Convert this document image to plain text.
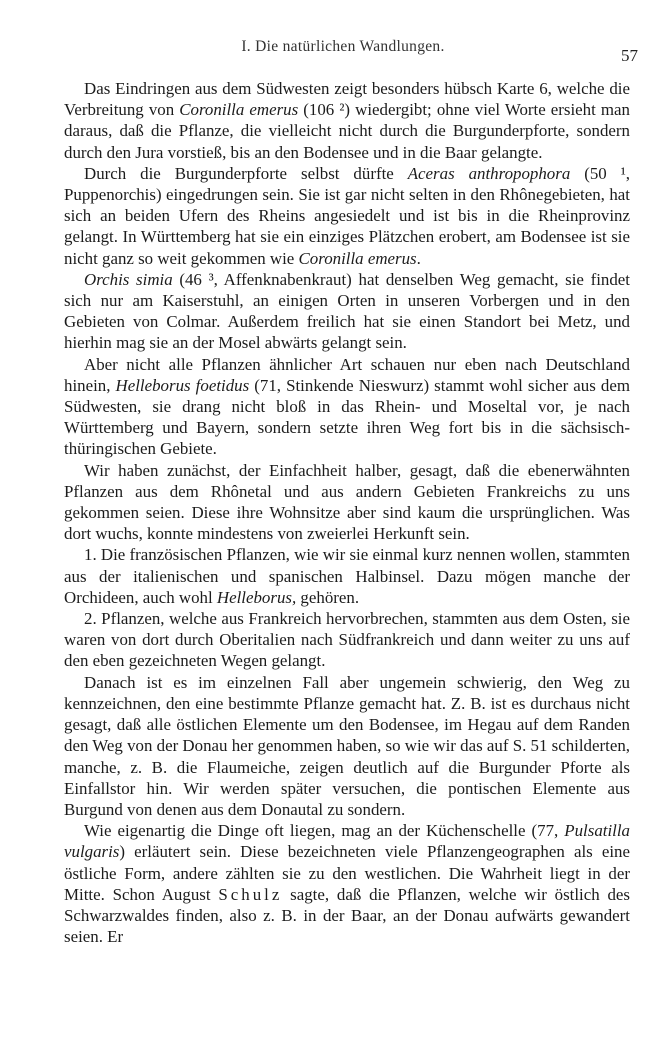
I. Die natürlichen Wandlungen.	57

Das Eindringen aus dem Südwesten zeigt besonders hübsch Karte 6, welche die Verbreitung von Coronilla emerus (106 ²) wiedergibt; ohne viel Worte ersieht man daraus, daß die Pflanze, die vielleicht nicht durch die Burgunderpforte, sondern durch den Jura vorstieß, bis an den Bodensee und in die Baar gelangte.

Durch die Burgunderpforte selbst dürfte Aceras anthropophora (50 ¹, Puppenorchis) eingedrungen sein. Sie ist gar nicht selten in den Rhônegebieten, hat sich an beiden Ufern des Rheins angesiedelt und ist bis in die Rheinprovinz gelangt. In Württemberg hat sie ein einziges Plätzchen erobert, am Bodensee ist sie nicht ganz so weit gekommen wie Coronilla emerus.

Orchis simia (46 ³, Affenknabenkraut) hat denselben Weg gemacht, sie findet sich nur am Kaiserstuhl, an einigen Orten in unseren Vorbergen und in den Gebieten von Colmar. Außerdem freilich hat sie einen Standort bei Metz, und hierhin mag sie an der Mosel abwärts gelangt sein.

Aber nicht alle Pflanzen ähnlicher Art schauen nur eben nach Deutschland hinein, Helleborus foetidus (71, Stinkende Nieswurz) stammt wohl sicher aus dem Südwesten, sie drang nicht bloß in das Rhein- und Moseltal vor, je nach Württemberg und Bayern, sondern setzte ihren Weg fort bis in die sächsisch-thüringischen Gebiete.

Wir haben zunächst, der Einfachheit halber, gesagt, daß die ebenerwähnten Pflanzen aus dem Rhônetal und aus andern Gebieten Frankreichs zu uns gekommen seien. Diese ihre Wohnsitze aber sind kaum die ursprünglichen. Was dort wuchs, konnte mindestens von zweierlei Herkunft sein.

1. Die französischen Pflanzen, wie wir sie einmal kurz nennen wollen, stammten aus der italienischen und spanischen Halbinsel. Dazu mögen manche der Orchideen, auch wohl Helleborus, gehören.

2. Pflanzen, welche aus Frankreich hervorbrechen, stammten aus dem Osten, sie waren von dort durch Oberitalien nach Südfrankreich und dann weiter zu uns auf den eben gezeichneten Wegen gelangt.

Danach ist es im einzelnen Fall aber ungemein schwierig, den Weg zu kennzeichnen, den eine bestimmte Pflanze gemacht hat. Z. B. ist es durchaus nicht gesagt, daß alle östlichen Elemente um den Bodensee, im Hegau auf dem Randen den Weg von der Donau her genommen haben, so wie wir das auf S. 51 schilderten, manche, z. B. die Flaumeiche, zeigen deutlich auf die Burgunder Pforte als Einfallstor hin. Wir werden später versuchen, die pontischen Elemente aus Burgund von denen aus dem Donautal zu sondern.

Wie eigenartig die Dinge oft liegen, mag an der Küchenschelle (77, Pulsatilla vulgaris) erläutert sein. Diese bezeichneten viele Pflanzengeographen als eine östliche Form, andere zählten sie zu den westlichen. Die Wahrheit liegt in der Mitte. Schon August Schulz sagte, daß die Pflanzen, welche wir östlich des Schwarzwaldes finden, also z. B. in der Baar, an der Donau aufwärts gewandert seien. Er
